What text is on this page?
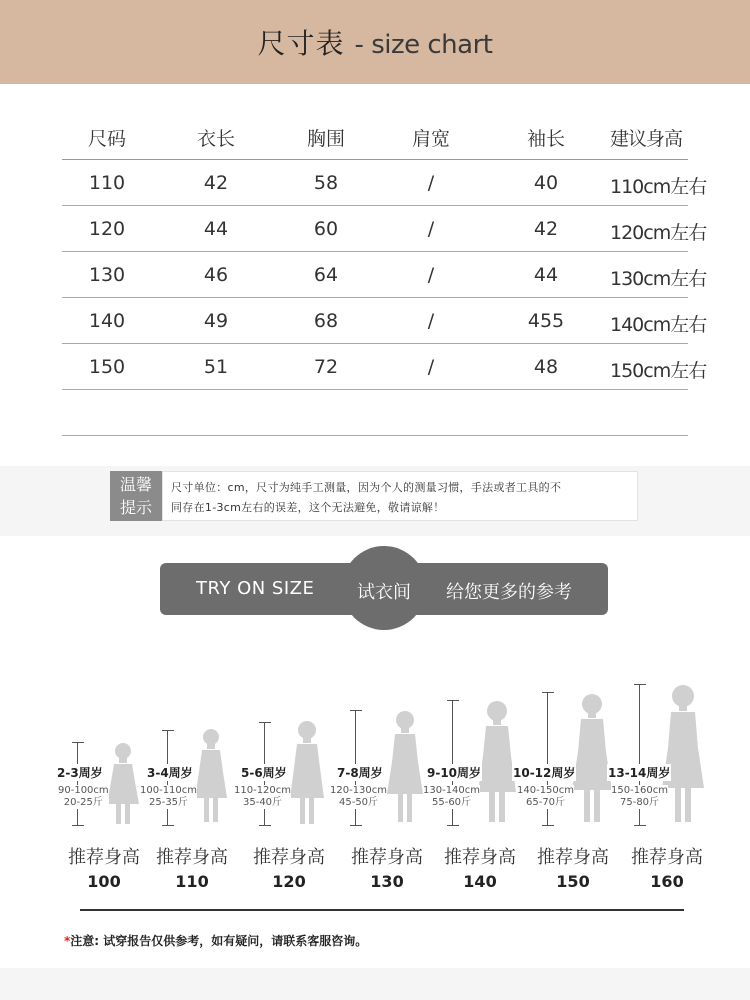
尺寸表 - size chart
尺码	衣长	胸围	肩宽	袖长	建议身高
110	42	58	/	40	110cm左右
120	44	60	/	42	120cm左右
130	46	64	/	44	130cm左右
140	49	68	/	455	140cm左右
150	51	72	/	48	150cm左右
温馨
提示
尺寸单位：cm，尺寸为纯手工测量，因为个人的测量习惯，手法或者工具的不
同存在1-3cm左右的误差，这个无法避免，敬请谅解！
TRY ON SIZE	试衣间	给您更多的参考
2-3周岁
90-100cm
20-25斤
3-4周岁
100-110cm
25-35斤
5-6周岁
110-120cm
35-40斤
7-8周岁
120-130cm
45-50斤
9-10周岁
130-140cm
55-60斤
10-12周岁
140-150cm
65-70斤
13-14周岁
150-160cm
75-80斤
推荐身高 推荐身高 推荐身高 推荐身高 推荐身高 推荐身高 推荐身高
100	110	120	130	140	150	160
*注意: 试穿报告仅供参考，如有疑问，请联系客服咨询。
